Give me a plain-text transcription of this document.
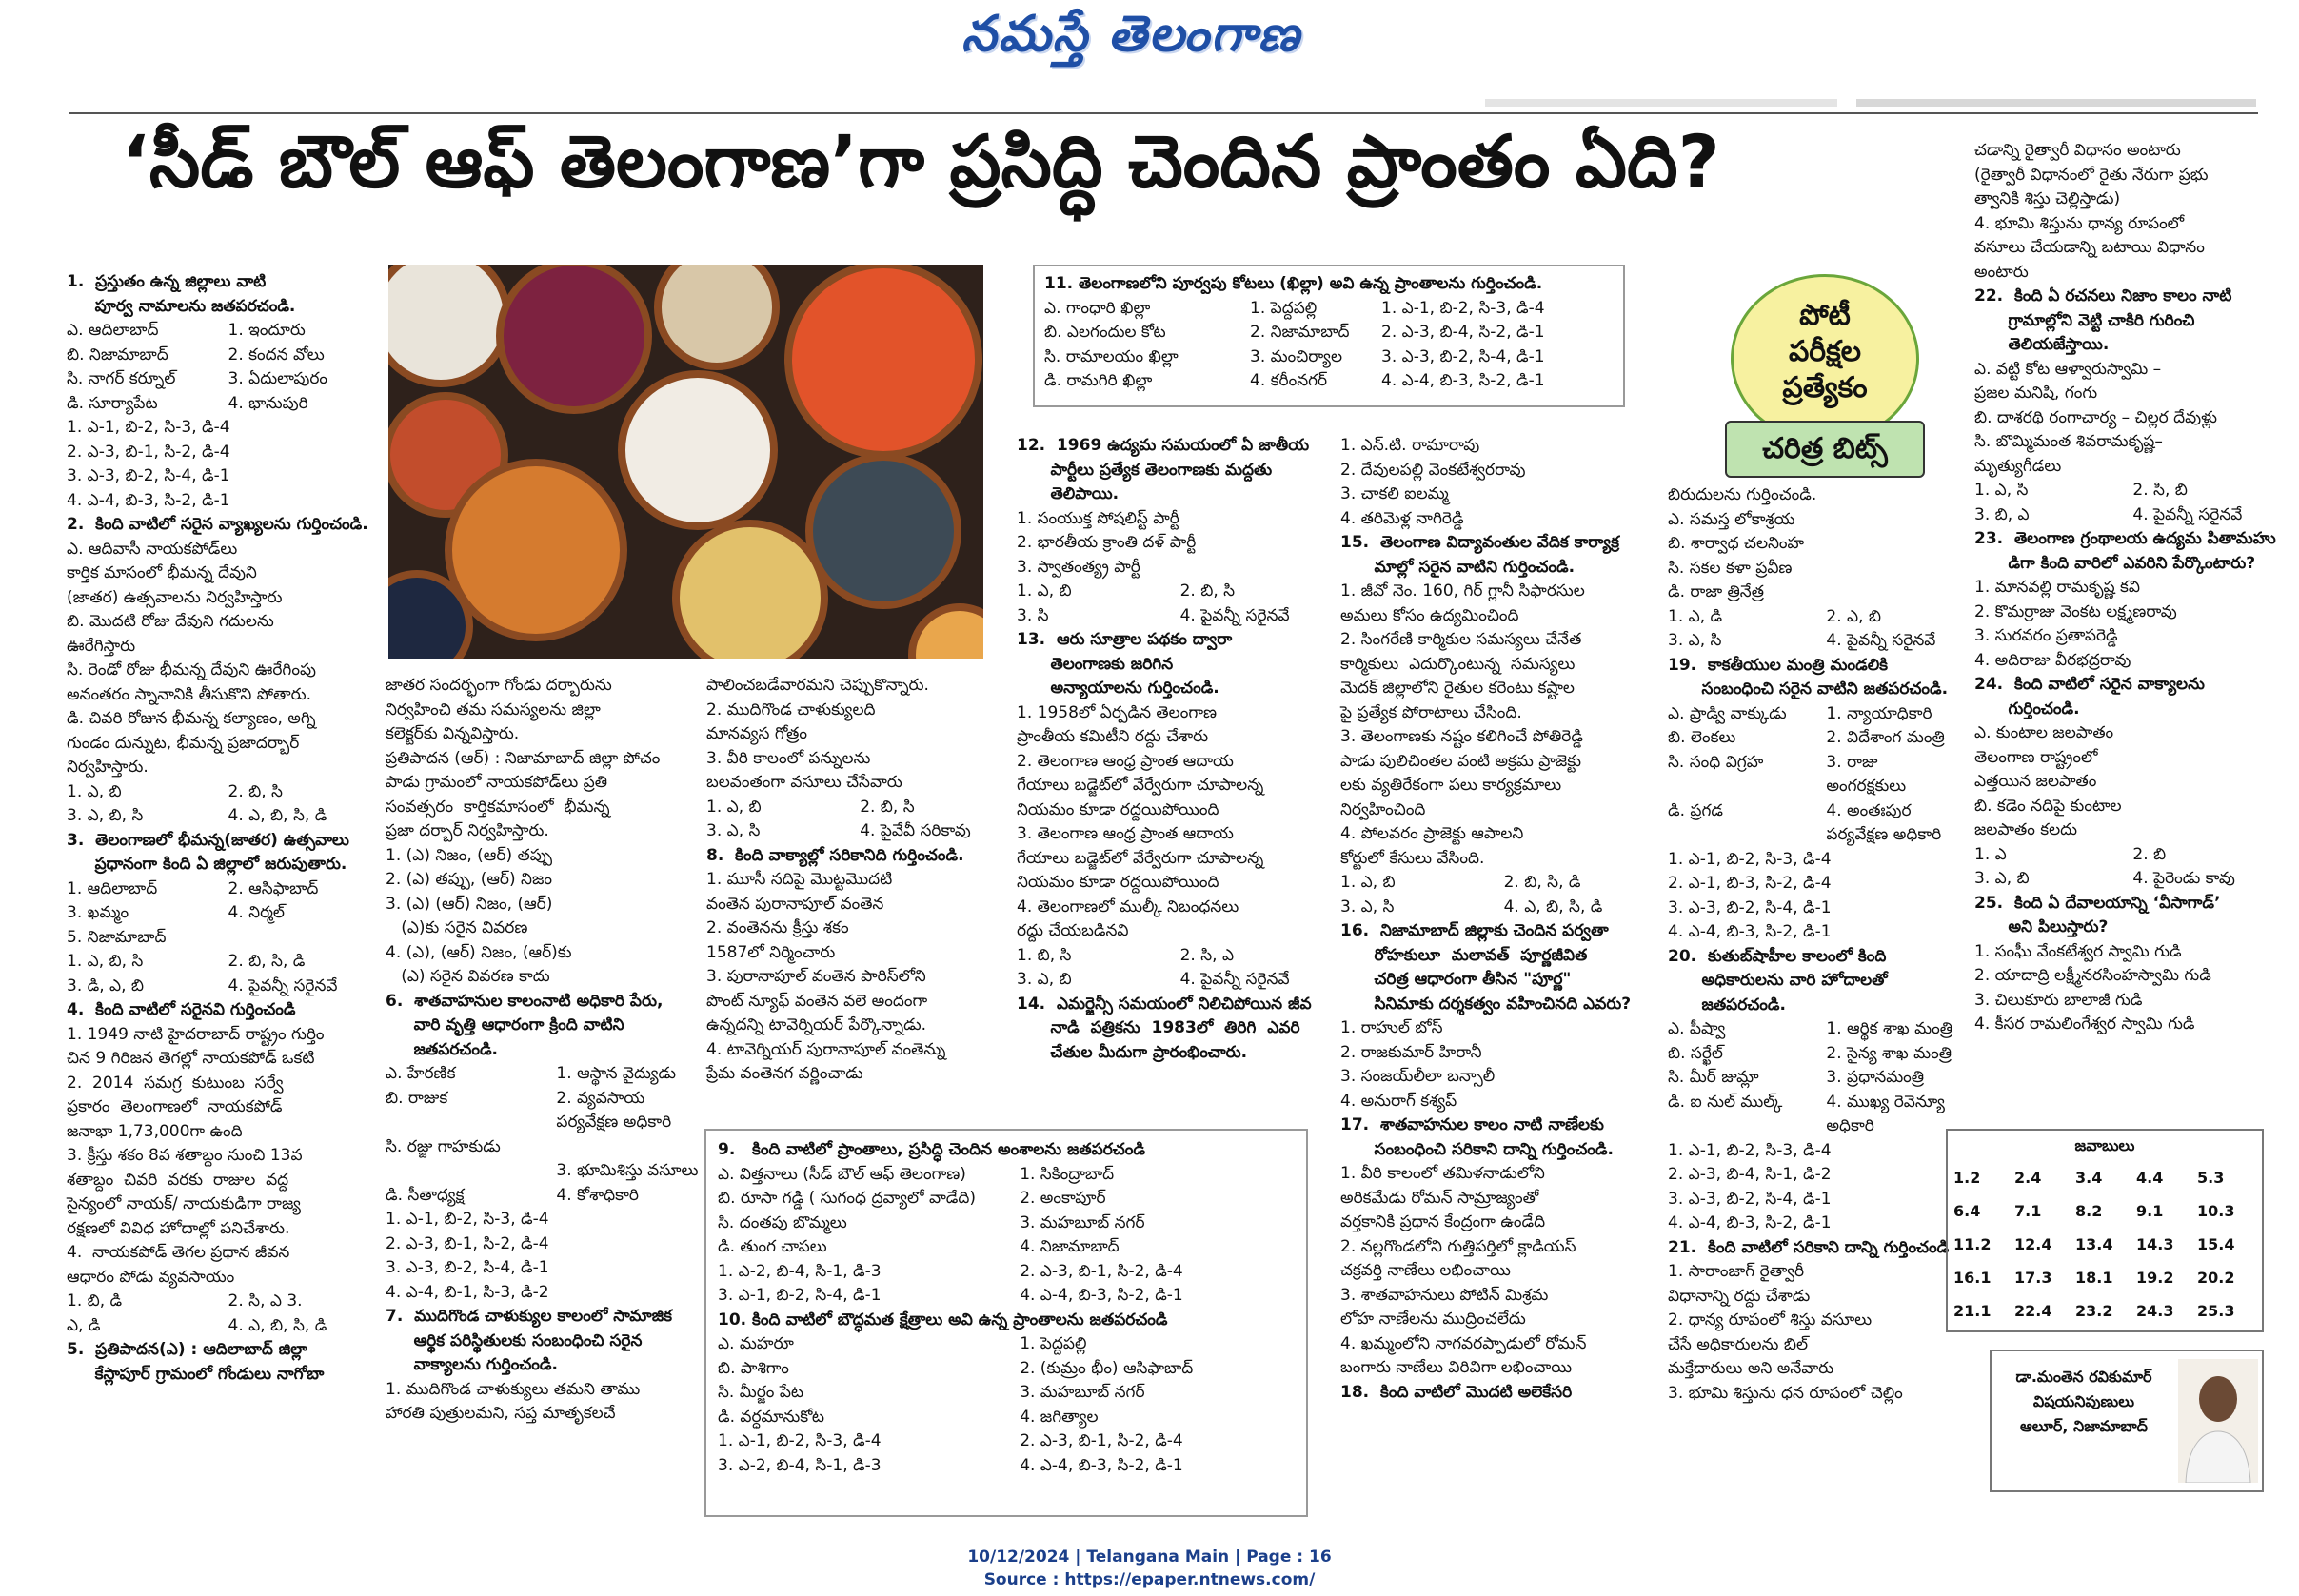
నమస్తే తెలంగాణ
‘సీడ్ బౌల్ ఆఫ్ తెలంగాణ’గా ప్రసిద్ధి చెందిన ప్రాంతం ఏది?
పోటీ
పరీక్షల
ప్రత్యేకం
చరిత్ర బిట్స్

1.  ప్రస్తుతం ఉన్న జిల్లాలు వాటి

పూర్వ నామాలను జతపరచండి.

ఎ. ఆదిలాబాద్	1. ఇందూరు
బి. నిజామాబాద్	2. కందన వోలు
సి. నాగర్ కర్నూల్	3. ఏదులాపురం
డి. సూర్యాపేట	4. భానుపురి

1. ఎ-1, బి-2, సి-3, డి-4

2. ఎ-3, బి-1, సి-2, డి-4

3. ఎ-3, బి-2, సి-4, డి-1

4. ఎ-4, బి-3, సి-2, డి-1

2.  కింది వాటిలో సరైన వ్యాఖ్యలను గుర్తించండి.

ఎ. ఆదివాసీ నాయకపోడ్‌లు

కార్తిక మాసంలో భీమన్న దేవుని

(జాతర) ఉత్సవాలను నిర్వహిస్తారు

బి. మొదటి రోజు దేవుని గదులను

ఊరేగిస్తారు

సి. రెండో రోజు భీమన్న దేవుని ఊరేగింపు

అనంతరం స్నానానికి తీసుకొని పోతారు.

డి. చివరి రోజున భీమన్న కల్యాణం, అగ్ని

గుండం దున్నుట, భీమన్న ప్రజాదర్బార్

నిర్వహిస్తారు.

1. ఎ, బి	2. బి, సి
3. ఎ, బి, సి	4. ఎ, బి, సి, డి

3.  తెలంగాణలో భీమన్న(జాతర) ఉత్సవాలు

ప్రధానంగా కింది ఏ జిల్లాలో జరుపుతారు.

1. ఆదిలాబాద్	2. ఆసిఫాబాద్
3. ఖమ్మం	4. నిర్మల్

5. నిజామాబాద్

1. ఎ, బి, సి	2. బి, సి, డి
3. డి, ఎ, బి	4. పైవన్నీ సరైనవే

4.  కింది వాటిలో సరైనవి గుర్తించండి

1. 1949 నాటి హైదరాబాద్ రాష్ట్రం గుర్తిం

చిన 9 గిరిజన తెగల్లో నాయకపోడ్ ఒకటి

2.  2014  సమగ్ర  కుటుంబ  సర్వే

ప్రకారం  తెలంగాణలో  నాయకపోడ్

జనాభా 1,73,000గా ఉంది

3. క్రీస్తు శకం 8వ శతాబ్దం నుంచి 13వ

శతాబ్దం  చివరి  వరకు  రాజుల  వద్ద

సైన్యంలో నాయక్/ నాయకుడిగా రాజ్య

రక్షణలో వివిధ హోదాల్లో పనిచేశారు.

4.  నాయకపోడ్ తెగల ప్రధాన జీవన

ఆధారం పోడు వ్యవసాయం

1. బి, డి	2. సి, ఎ 3.
ఎ, డి	4. ఎ, బి, సి, డి

5.  ప్రతిపాదన(ఎ) : ఆదిలాబాద్ జిల్లా

కేస్లాపూర్ గ్రామంలో గోండులు నాగోబా

జాతర సందర్భంగా గోండు దర్బారును

నిర్వహించి తమ సమస్యలను జిల్లా

కలెక్టర్‌కు విన్నవిస్తారు.

ప్రతిపాదన (ఆర్) : నిజామాబాద్ జిల్లా పోచం

పాడు గ్రామంలో నాయకపోడ్‌లు ప్రతి

సంవత్సరం  కార్తికమాసంలో  భీమన్న

ప్రజా దర్బార్ నిర్వహిస్తారు.

1. (ఎ) నిజం, (ఆర్) తప్పు

2. (ఎ) తప్పు, (ఆర్) నిజం

3. (ఎ) (ఆర్) నిజం, (ఆర్)

(ఎ)కు సరైన వివరణ

4. (ఎ), (ఆర్) నిజం, (ఆర్)కు

(ఎ) సరైన వివరణ కాదు

6.  శాతవాహనుల కాలంనాటి అధికారి పేరు,

వారి వృత్తి ఆధారంగా క్రింది వాటిని

జతపరచండి.

ఎ. హేరణిక	1. ఆస్థాన వైద్యుడు
బి. రాజుక	2. వ్యవసాయ
పర్యవేక్షణ అధికారి
సి. రజ్జు గాహకుడు
3. భూమిశిస్తు వసూలు
డి. సీతాధ్యక్ష	4. కోశాధికారి

1. ఎ-1, బి-2, సి-3, డి-4

2. ఎ-3, బి-1, సి-2, డి-4

3. ఎ-3, బి-2, సి-4, డి-1

4. ఎ-4, బి-1, సి-3, డి-2

7.  ముదిగొండ చాళుక్యుల కాలంలో సామాజిక

ఆర్థిక పరిస్థితులకు సంబంధించి సరైన

వాక్యాలను గుర్తించండి.

1. ముదిగొండ చాళుక్యులు తమని తాము

హారతి పుత్రులమని, సప్త మాతృకలచే

పాలించబడేవారమని చెప్పుకొన్నారు.

2. ముదిగొండ చాళుక్యులది

మానవ్యస గోత్రం

3. వీరి కాలంలో పన్నులను

బలవంతంగా వసూలు చేసేవారు

1. ఎ, బి	2. బి, సి
3. ఎ, సి	4. పైవేవీ సరికావు

8.  కింది వాక్యాల్లో సరికానిది గుర్తించండి.

1. మూసీ నదిపై మొట్టమొదటి

వంతెన పురానాపూల్ వంతెన

2. వంతెనను క్రీస్తు శకం

1587లో నిర్మించారు

3. పురానాపూల్ వంతెన పారిస్‌లోని

పొంట్ న్యూఫ్ వంతెన వలె అందంగా

ఉన్నదన్ని టావెర్నియర్ పేర్కొన్నాడు.

4. టావెర్నియర్ పురానాపూల్ వంతెన్ను

ప్రేమ వంతెనగ వర్ణించాడు

11. తెలంగాణలోని పూర్వపు కోటలు (ఖిల్లా) అవి ఉన్న ప్రాంతాలను గుర్తించండి.

ఎ. గాంధారి ఖిల్లా	1. పెద్దపల్లి	1. ఎ-1, బి-2, సి-3, డి-4
బి. ఎలగందుల కోట	2. నిజామాబాద్	2. ఎ-3, బి-4, సి-2, డి-1
సి. రామాలయం ఖిల్లా	3. మంచిర్యాల	3. ఎ-3, బి-2, సి-4, డి-1
డి. రామగిరి ఖిల్లా	4. కరీంనగర్	4. ఎ-4, బి-3, సి-2, డి-1

12.  1969 ఉద్యమ సమయంలో ఏ జాతీయ

పార్టీలు ప్రత్యేక తెలంగాణకు మద్దతు

తెలిపాయి.

1. సంయుక్త సోషలిస్ట్ పార్టీ

2. భారతీయ క్రాంతి దళ్ పార్టీ

3. స్వాతంత్య్ర పార్టీ

1. ఎ, బి	2. బి, సి
3. సి	4. పైవన్నీ సరైనవే

13.  ఆరు సూత్రాల పథకం ద్వారా

తెలంగాణకు జరిగిన

అన్యాయాలను గుర్తించండి.

1. 1958లో ఏర్పడిన తెలంగాణ

ప్రాంతీయ కమిటీని రద్దు చేశారు

2. తెలంగాణ ఆంధ్ర ప్రాంత ఆదాయ

గేయాలు బడ్జెట్‌లో వేర్వేరుగా చూపాలన్న

నియమం కూడా రద్దయిపోయింది

3. తెలంగాణ ఆంధ్ర ప్రాంత ఆదాయ

గేయాలు బడ్జెట్‌లో వేర్వేరుగా చూపాలన్న

నియమం కూడా రద్దయిపోయింది

4. తెలంగాణలో ముల్కీ నిబంధనలు

రద్దు చేయబడినవి

1. బి, సి	2. సి, ఎ
3. ఎ, బి	4. పైవన్నీ సరైనవే

14.  ఎమర్జెన్సీ సమయంలో నిలిచిపోయిన జీవ

నాడి  పత్రికను  1983లో  తిరిగి  ఎవరి

చేతుల మీదుగా ప్రారంభించారు.

9.   కింది వాటిలో ప్రాంతాలు, ప్రసిద్ధి చెందిన అంశాలను జతపరచండి

ఎ. విత్తనాలు (సీడ్ బౌల్ ఆఫ్ తెలంగాణ)	1. సికింద్రాబాద్
బి. రూసా గడ్డి ( సుగంధ ద్రవ్యాలో వాడేది)	2. అంకాపూర్
సి. దంతపు బొమ్మలు	3. మహబూబ్ నగర్
డి. తుంగ చాపలు	4. నిజామాబాద్
1. ఎ-2, బి-4, సి-1, డి-3	2. ఎ-3, బి-1, సి-2, డి-4
3. ఎ-1, బి-2, సి-4, డి-1	4. ఎ-4, బి-3, సి-2, డి-1

10. కింది వాటిలో బౌద్ధమత క్షేత్రాలు అవి ఉన్న ప్రాంతాలను జతపరచండి

ఎ. మహరూ	1. పెద్దపల్లి
బి. పాశిగాం	2. (కుమ్రం భీం) ఆసిఫాబాద్
సి. మీర్జం పేట	3. మహబూబ్ నగర్
డి. వర్ధమానుకోట	4. జగిత్యాల
1. ఎ-1, బి-2, సి-3, డి-4	2. ఎ-3, బి-1, సి-2, డి-4
3. ఎ-2, బి-4, సి-1, డి-3	4. ఎ-4, బి-3, సి-2, డి-1

1. ఎన్.టి. రామారావు

2. దేవులపల్లి వెంకటేశ్వరరావు

3. చాకలి ఐలమ్మ

4. తరిమెళ్ల నాగిరెడ్డి

15.  తెలంగాణ విద్యావంతుల వేదిక కార్యాక్ర

మాల్లో సరైన వాటిని గుర్తించండి.

1. జీవో నెం. 160, గిర్ గ్లానీ సిఫారసుల

అమలు కోసం ఉద్యమించింది

2. సింగరేణి కార్మికుల సమస్యలు చేనేత

కార్మికులు  ఎదుర్కొంటున్న  సమస్యలు

మెదక్ జిల్లాలోని రైతుల కరెంటు కష్టాల

పై ప్రత్యేక పోరాటాలు చేసింది.

3. తెలంగాణకు నష్టం కలిగించే పోతిరెడ్డి

పాడు పులిచింతల వంటి అక్రమ ప్రాజెక్టు

లకు వ్యతిరేకంగా పలు కార్యక్రమాలు

నిర్వహించింది

4. పోలవరం ప్రాజెక్టు ఆపాలని

కోర్టులో కేసులు వేసింది.

1. ఎ, బి	2. బి, సి, డి
3. ఎ, సి	4. ఎ, బి, సి, డి

16.  నిజామాబాద్ జిల్లాకు చెందిన పర్వతా

రోహకులూ  మలావత్  పూర్ణజీవిత

చరిత్ర ఆధారంగా తీసిన "పూర్ణ"

సినిమాకు దర్శకత్వం వహించినది ఎవరు?

1. రాహుల్ బోస్

2. రాజకుమార్ హిరానీ

3. సంజయ్‌లీలా బన్సాలీ

4. అనురాగ్ కశ్యప్

17.  శాతవాహనుల కాలం నాటి నాణేలకు

సంబంధించి సరికాని దాన్ని గుర్తించండి.

1. వీరి కాలంలో తమిళనాడులోని

అరికమేడు రోమన్ సామ్రాజ్యంతో

వర్తకానికి ప్రధాన కేంద్రంగా ఉండేది

2. నల్లగొండలోని గుత్తిపర్తిలో క్లాడియస్

చక్రవర్తి నాణేలు లభించాయి

3. శాతవాహనులు పోటిన్ మిశ్రమ

లోహ నాణేలను ముద్రించలేదు

4. ఖమ్మంలోని నాగవరప్పాడులో రోమన్

బంగారు నాణేలు విరివిగా లభించాయి

18.  కింది వాటిలో మొదటి అలెకేసరి

బిరుదులను గుర్తించండి.

ఎ. సమస్త లోకాశ్రయ

బి. శార్వాధ చలనింహ

సి. సకల కళా ప్రవీణ

డి. రాజా త్రినేత్ర

1. ఎ, డి	2. ఎ, బి
3. ఎ, సి	4. పైవన్నీ సరైనవే

19.  కాకతీయుల మంత్రి మండలికి

సంబంధించి సరైన వాటిని జతపరచండి.

ఎ. ప్రాడ్వి వాక్కుడు	1. న్యాయాధికారి
బి. లెంకలు	2. విదేశాంగ మంత్రి
సి. సంధి విగ్రహ	3. రాజు
అంగరక్షకులు
డి. ప్రగడ	4. అంతఃపుర
పర్యవేక్షణ అధికారి

1. ఎ-1, బి-2, సి-3, డి-4

2. ఎ-1, బి-3, సి-2, డి-4

3. ఎ-3, బి-2, సి-4, డి-1

4. ఎ-4, బి-3, సి-2, డి-1

20.  కుతుబ్‌షాహీల కాలంలో కింది

అధికారులను వారి హోదాలతో

జతపరచండి.

ఎ. పీష్వా	1. ఆర్థిక శాఖ మంత్రి
బి. సర్ఖేల్	2. సైన్య శాఖ మంత్రి
సి. మీర్ జుమ్లా	3. ప్రధానమంత్రి
డి. ఐ నుల్ ముల్క్	4. ముఖ్య రెవెన్యూ
అధికారి

1. ఎ-1, బి-2, సి-3, డి-4

2. ఎ-3, బి-4, సి-1, డి-2

3. ఎ-3, బి-2, సి-4, డి-1

4. ఎ-4, బి-3, సి-2, డి-1

21.  కింది వాటిలో సరికాని దాన్ని గుర్తించండి

1. సారాంజాగ్ రైత్వారీ

విధానాన్ని రద్దు చేశాడు

2. ధాన్య రూపంలో శిస్తు వసూలు

చేసే అధికారులను బిల్

మక్తేదారులు అని అనేవారు

3. భూమి శిస్తును ధన రూపంలో చెల్లిం

చడాన్ని రైత్వారీ విధానం అంటారు

(రైత్వారీ విధానంలో రైతు నేరుగా ప్రభు

త్వానికి శిస్తు చెల్లిస్తాడు)

4. భూమి శిస్తును ధాన్య రూపంలో

వసూలు చేయడాన్ని బటాయి విధానం

అంటారు

22.  కింది ఏ రచనలు నిజాం కాలం నాటి

గ్రామాల్లోని వెట్టి చాకిరి గురించి

తెలియజేస్తాయి.

ఎ. వట్టి కోట ఆళ్వారుస్వామి –

ప్రజల మనిషి, గంగు

బి. దాశరథి రంగాచార్య – చిల్లర దేవుళ్లు

సి. బొమ్మిమంత శివరామకృష్ణ–

మృత్యుగీడలు

1. ఎ, సి	2. సి, బి
3. బి, ఎ	4. పైవన్నీ సరైనవే

23.  తెలంగాణ గ్రంథాలయ ఉద్యమ పితామహు

డిగా కింది వారిలో ఎవరిని పేర్కొంటారు?

1. మానవల్లి రామకృష్ణ కవి

2. కొమర్రాజు వెంకట లక్ష్మణరావు

3. సురవరం ప్రతాపరెడ్డి

4. అదిరాజు వీరభద్రరావు

24.  కింది వాటిలో సరైన వాక్యాలను

గుర్తించండి.

ఎ. కుంటాల జలపాతం

తెలంగాణ రాష్ట్రంలో

ఎత్తయిన జలపాతం

బి. కడెం నదిపై కుంటాల

జలపాతం కలదు

1. ఎ	2. బి
3. ఎ, బి	4. పైరెండు కావు

25.  కింది ఏ దేవాలయాన్ని ‘వీసాగాడ్’

అని పిలుస్తారు?

1. సంఘీ వేంకటేశ్వర స్వామి గుడి

2. యాదాద్రి లక్ష్మీనరసింహస్వామి గుడి

3. చిలుకూరు బాలాజీ గుడి

4. కీసర రామలింగేశ్వర స్వామి గుడి

జవాబులు
1.2	2.4	3.4	4.4	5.3
6.4	7.1	8.2	9.1	10.3
11.2	12.4	13.4	14.3	15.4
16.1	17.3	18.1	19.2	20.2
21.1	22.4	23.2	24.3	25.3
డా.మంతెన రవికుమార్
విషయనిపుణులు
ఆలూర్, నిజామాబాద్
10/12/2024 | Telangana Main | Page : 16
Source : https://epaper.ntnews.com/
